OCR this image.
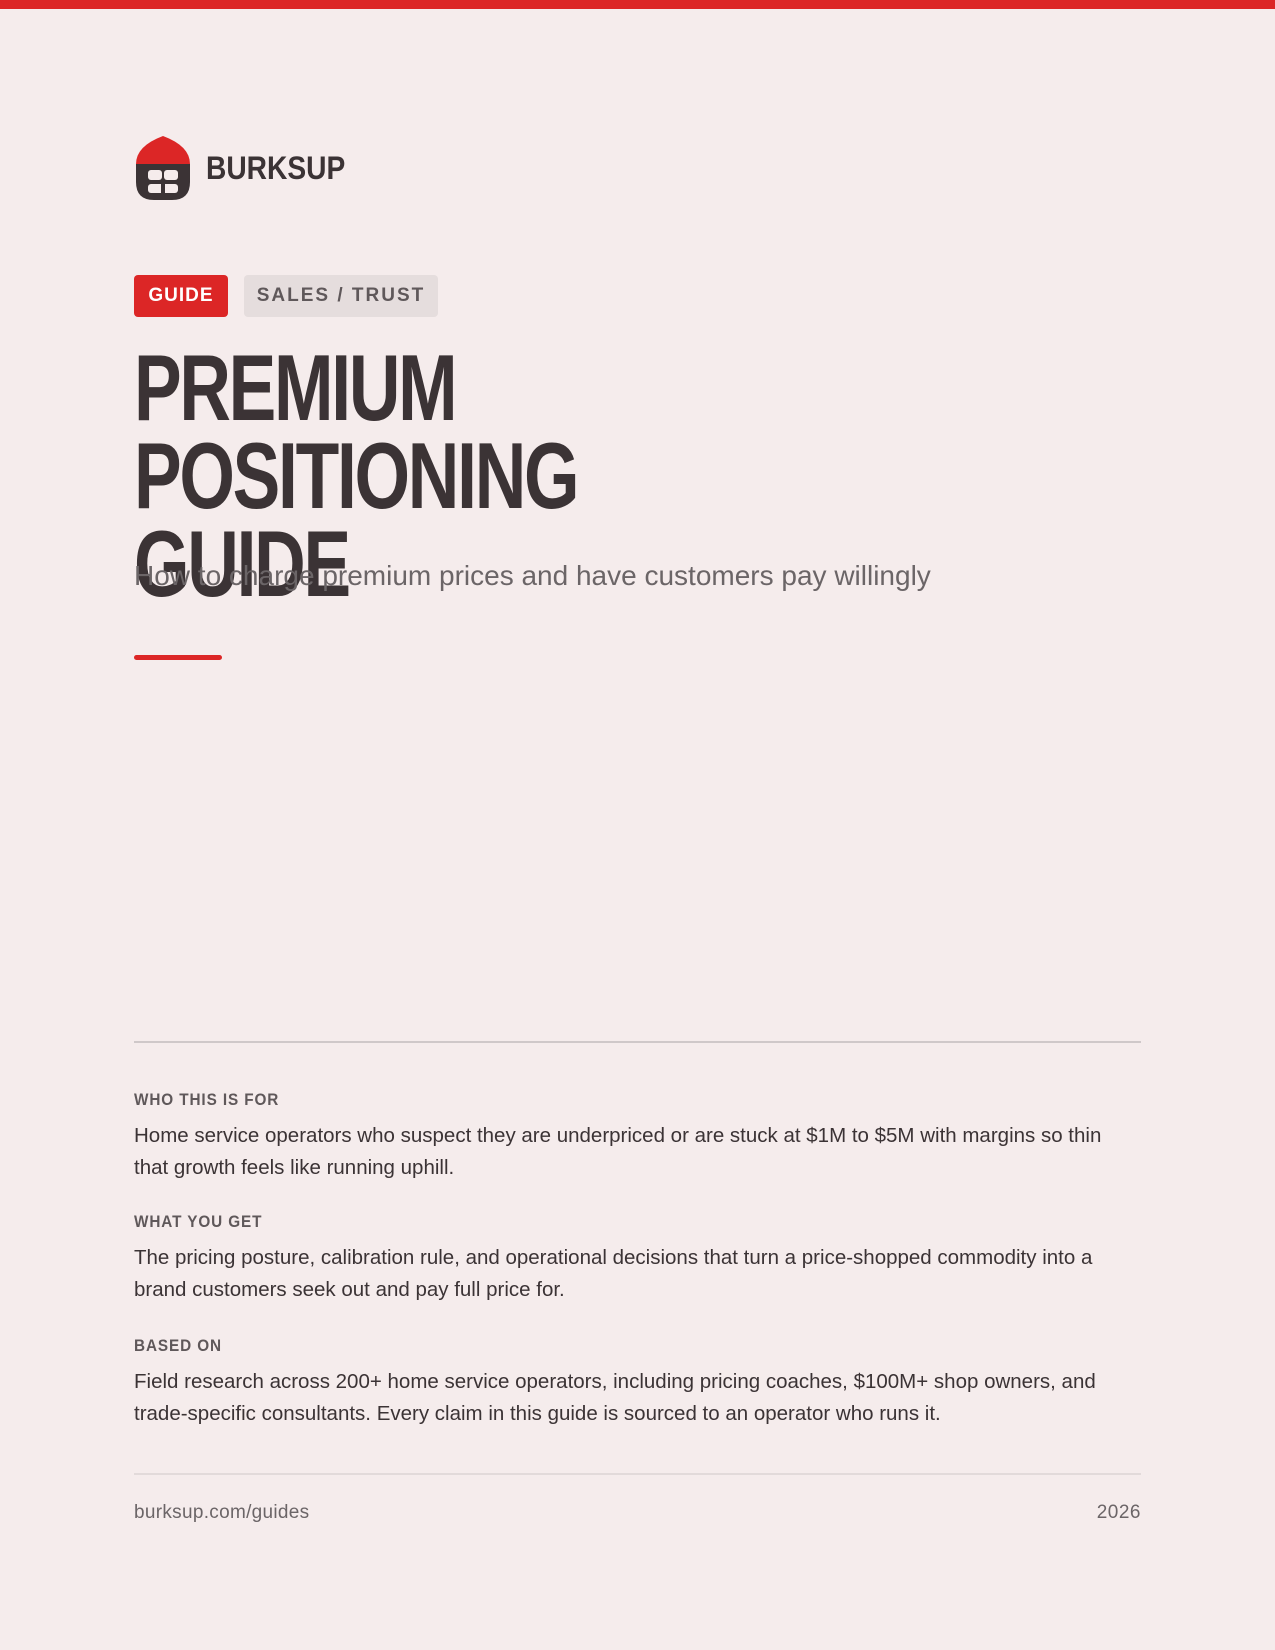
BURKSUP
GUIDE	SALES / TRUST
PREMIUM POSITIONING
GUIDE
How to charge premium prices and have customers pay willingly
WHO THIS IS FOR
Home service operators who suspect they are underpriced or are stuck at $1M to $5M with margins so thin that growth feels like running uphill.
WHAT YOU GET
The pricing posture, calibration rule, and operational decisions that turn a price-shopped commodity into a brand customers seek out and pay full price for.
BASED ON
Field research across 200+ home service operators, including pricing coaches, $100M+ shop owners, and trade-specific consultants. Every claim in this guide is sourced to an operator who runs it.
burksup.com/guides	2026
